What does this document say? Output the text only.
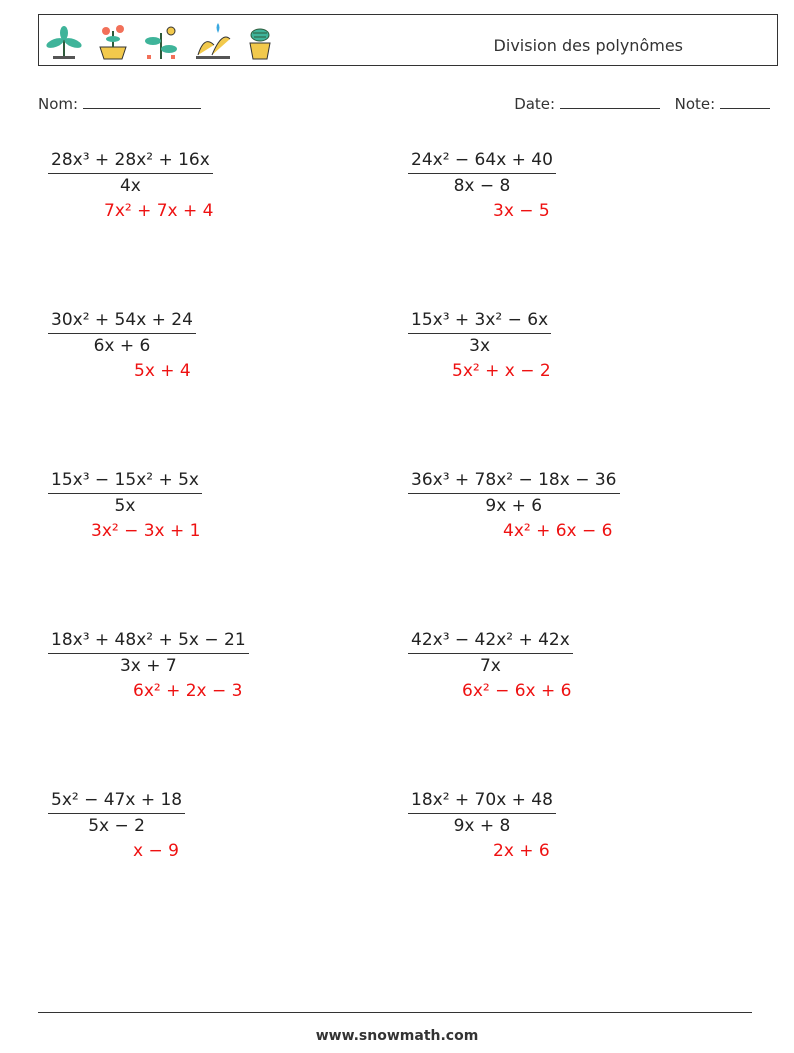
Division des polynômes
Nom:	Date:	Note:
$\frac{\text{28x³ + 28x² + 16x}}{4x}$
7x² + 7x + 4
$\frac{\text{24x² − 64x + 40}}{8x - 8}$
3x − 5
$\frac{\text{30x² + 54x + 24}}{6x + 6}$
5x + 4
$\frac{\text{15x³ + 3x² − 6x}}{3x}$
5x² + x − 2
$\frac{\text{15x³ − 15x² + 5x}}{5x}$
3x² − 3x + 1
$\frac{\text{36x³ + 78x² − 18x − 36}}{9x + 6}$
4x² + 6x − 6
$\frac{\text{18x³ + 48x² + 5x − 21}}{3x + 7}$
6x² + 2x − 3
$\frac{\text{42x³ − 42x² + 42x}}{7x}$
6x² − 6x + 6
$\frac{\text{5x² − 47x + 18}}{5x - 2}$
x − 9
$\frac{\text{18x² + 70x + 48}}{9x + 8}$
2x + 6
www.snowmath.com
